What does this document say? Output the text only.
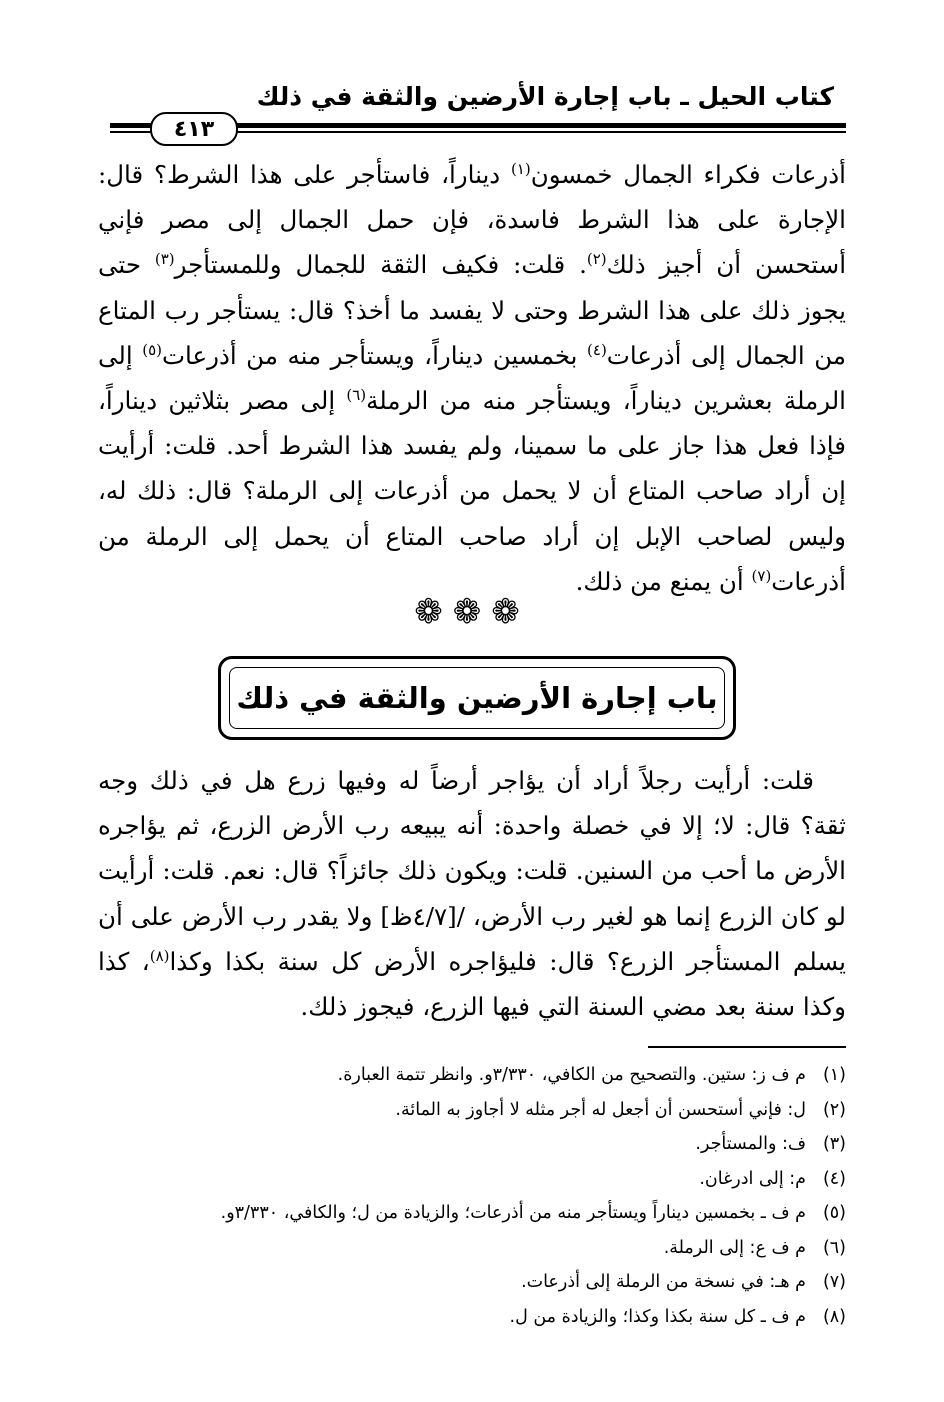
كتاب الحيل ـ باب إجارة الأرضين والثقة في ذلك
٤١٣
أذرعات فكراء الجمال خمسون$^{(١)}$ ديناراً، فاستأجر على هذا الشرط؟ قال: الإجارة على هذا الشرط فاسدة، فإن حمل الجمال إلى مصر فإني أستحسن أن أجيز ذلك$^{(٢)}$. قلت: فكيف الثقة للجمال وللمستأجر$^{(٣)}$ حتى يجوز ذلك على هذا الشرط وحتى لا يفسد ما أخذ؟ قال: يستأجر رب المتاع من الجمال إلى أذرعات$^{(٤)}$ بخمسين ديناراً، ويستأجر منه من أذرعات$^{(٥)}$ إلى الرملة بعشرين ديناراً، ويستأجر منه من الرملة$^{(٦)}$ إلى مصر بثلاثين ديناراً، فإذا فعل هذا جاز على ما سمينا، ولم يفسد هذا الشرط أحد. قلت: أرأيت إن أراد صاحب المتاع أن لا يحمل من أذرعات إلى الرملة؟ قال: ذلك له، وليس لصاحب الإبل إن أراد صاحب المتاع أن يحمل إلى الرملة من أذرعات$^{(٧)}$ أن يمنع من ذلك.
❁❁❁
باب إجارة الأرضين والثقة في ذلك
قلت: أرأيت رجلاً أراد أن يؤاجر أرضاً له وفيها زرع هل في ذلك وجه ثقة؟ قال: لا؛ إلا في خصلة واحدة: أنه يبيعه رب الأرض الزرع، ثم يؤاجره الأرض ما أحب من السنين. قلت: ويكون ذلك جائزاً؟ قال: نعم. قلت: أرأيت لو كان الزرع إنما هو لغير رب الأرض، /[٤/٧ظ] ولا يقدر رب الأرض على أن يسلم المستأجر الزرع؟ قال: فليؤاجره الأرض كل سنة بكذا وكذا$^{(٨)}$، كذا وكذا سنة بعد مضي السنة التي فيها الزرع، فيجوز ذلك.
(١)م ف ز: ستين. والتصحيح من الكافي، ٣/٣٣٠و. وانظر تتمة العبارة.
(٢)ل: فإني أستحسن أن أجعل له أجر مثله لا أجاوز به المائة.
(٣)ف: والمستأجر.
(٤)م: إلى ادرغان.
(٥)م ف ـ بخمسين ديناراً ويستأجر منه من أذرعات؛ والزيادة من ل؛ والكافي، ٣/٣٣٠و.
(٦)م ف ع: إلى الرملة.
(٧)م هـ: في نسخة من الرملة إلى أذرعات.
(٨)م ف ـ كل سنة بكذا وكذا؛ والزيادة من ل.
